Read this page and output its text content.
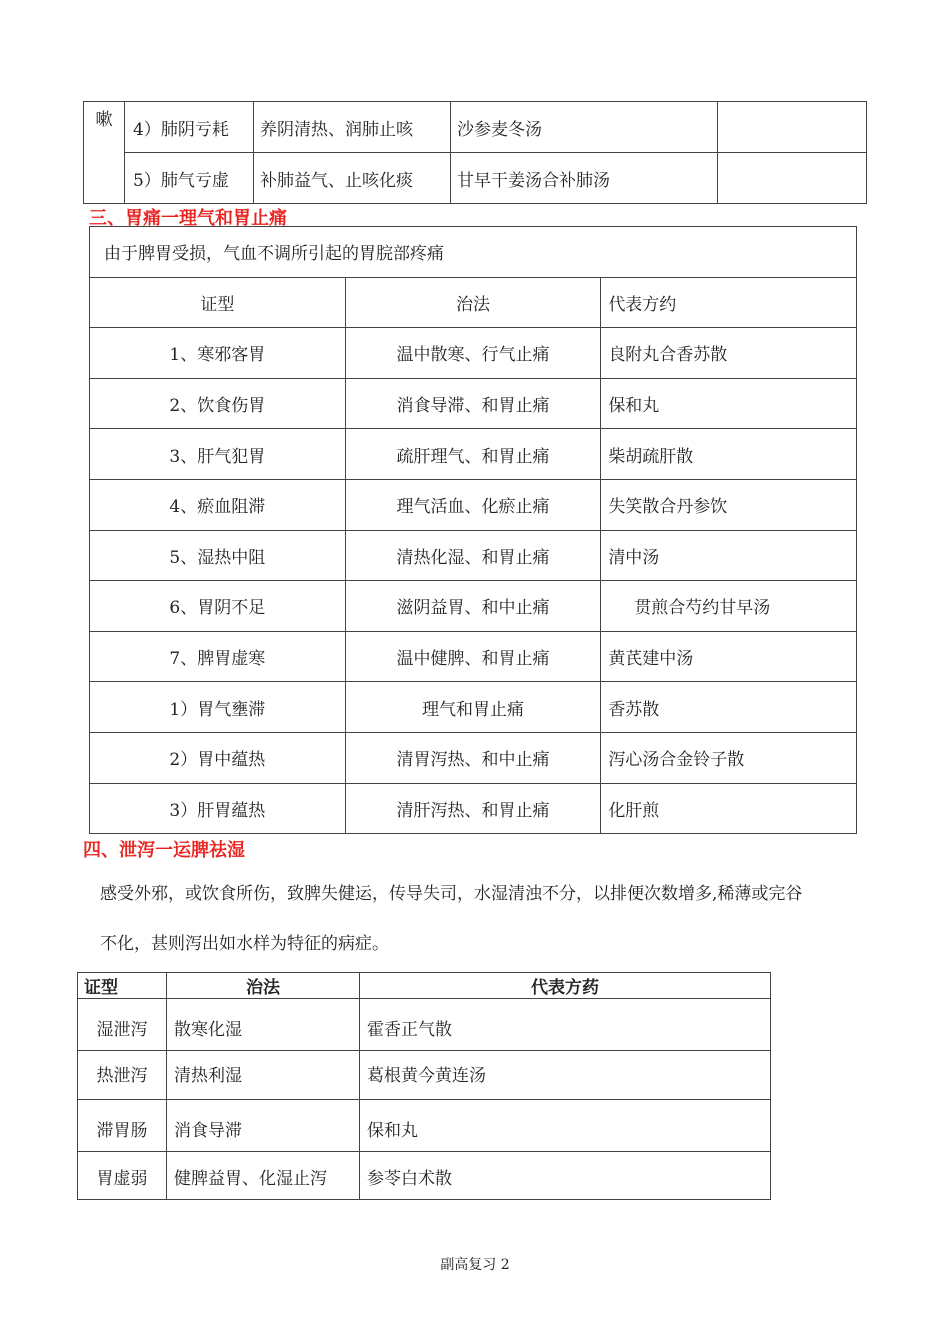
嗽	4）肺阴亏耗	养阴清热、润肺止咳	沙参麦冬汤	
	5）肺气亏虚	补肺益气、止咳化痰	甘早干姜汤合补肺汤	
三、胃痛一理气和胃止痛
由于脾胃受损，气血不调所引起的胃脘部疼痛		
证型	治法	代表方约
1、寒邪客胃	温中散寒、行气止痛	良附丸合香苏散
2、饮食伤胃	消食导滞、和胃止痛	保和丸
3、肝气犯胃	疏肝理气、和胃止痛	柴胡疏肝散
4、瘀血阻滞	理气活血、化瘀止痛	失笑散合丹参饮
5、湿热中阻	清热化湿、和胃止痛	清中汤
6、胃阴不足	滋阴益胃、和中止痛	贯煎合芍约甘早汤
7、脾胃虚寒	温中健脾、和胃止痛	黄芪建中汤
1）胃气壅滞	理气和胃止痛	香苏散
2）胃中蕴热	清胃泻热、和中止痛	泻心汤合金铃子散
3）肝胃蕴热	清肝泻热、和胃止痛	化肝煎
四、泄泻一运脾祛湿
感受外邪，或饮食所伤，致脾失健运，传导失司，水湿清浊不分，以排便次数增多,稀薄或完谷
不化，甚则泻出如水样为特征的病症。
证型	治法	代表方药
湿泄泻	散寒化湿	霍香正气散
热泄泻	清热利湿	葛根黄今黄连汤
滞胃肠	消食导滞	保和丸
胃虚弱	健脾益胃、化湿止泻	参苓白术散
副高复习 2
